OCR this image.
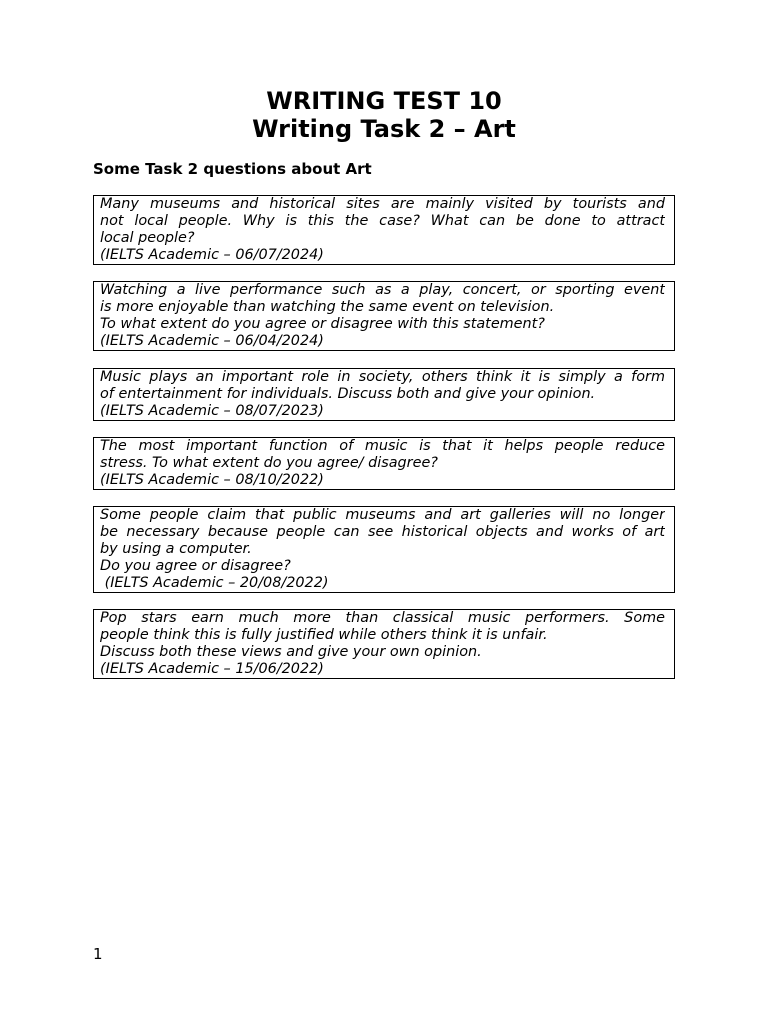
WRITING TEST 10
Writing Task 2 – Art
Some Task 2 questions about Art
Many museums and historical sites are mainly visited by tourists and
not local people. Why is this the case? What can be done to attract
local people?
(IELTS Academic – 06/07/2024)
Watching a live performance such as a play, concert, or sporting event
is more enjoyable than watching the same event on television.
To what extent do you agree or disagree with this statement?
(IELTS Academic – 06/04/2024)
Music plays an important role in society, others think it is simply a form
of entertainment for individuals. Discuss both and give your opinion.
(IELTS Academic – 08/07/2023)
The most important function of music is that it helps people reduce
stress. To what extent do you agree/ disagree?
(IELTS Academic – 08/10/2022)
Some people claim that public museums and art galleries will no longer
be necessary because people can see historical objects and works of art
by using a computer.
Do you agree or disagree?
(IELTS Academic – 20/08/2022)
Pop stars earn much more than classical music performers. Some
people think this is fully justified while others think it is unfair.
Discuss both these views and give your own opinion.
(IELTS Academic – 15/06/2022)
1
